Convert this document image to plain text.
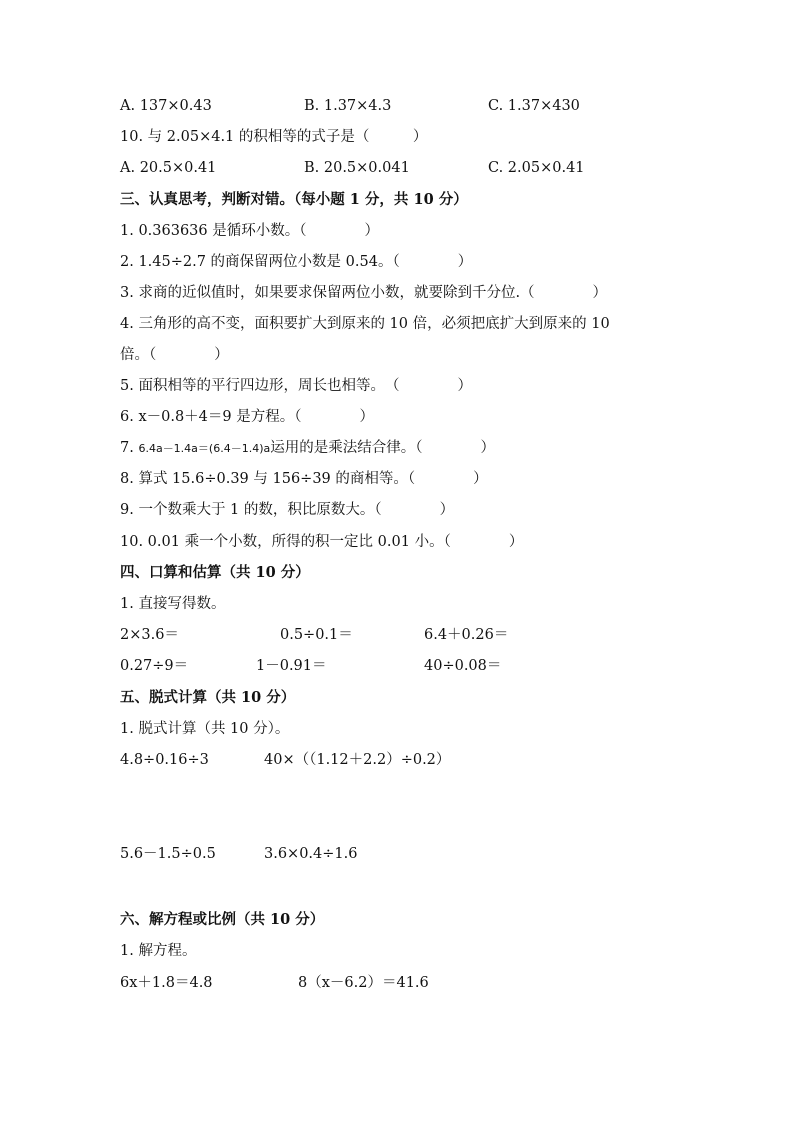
A. 137×0.43	B. 1.37×4.3	C. 1.37×430
10. 与 2.05×4.1 的积相等的式子是（　　　）
A. 20.5×0.41	B. 20.5×0.041	C. 2.05×0.41
三、认真思考，判断对错。（每小题 1 分，共 10 分）
1. 0.363636 是循环小数。（　　　　）
2. 1.45÷2.7 的商保留两位小数是 0.54。（　　　　）
3. 求商的近似值时，如果要求保留两位小数，就要除到千分位.（　　　　）
4. 三角形的高不变，面积要扩大到原来的 10 倍，必须把底扩大到原来的 10
倍。（　　　　）
5. 面积相等的平行四边形，周长也相等。　（　　　　）
6. x－0.8＋4＝9 是方程。（　　　　）
7. 6.4a－1.4a＝(6.4－1.4)a运用的是乘法结合律。（　　　　）
8. 算式 15.6÷0.39 与 156÷39 的商相等。（　　　　）
9. 一个数乘大于 1 的数，积比原数大。（　　　　）
10. 0.01 乘一个小数，所得的积一定比 0.01 小。（　　　　）
四、口算和估算（共 10 分）
1. 直接写得数。
2×3.6＝	0.5÷0.1＝	6.4＋0.26＝
0.27÷9＝	1－0.91＝	40÷0.08＝
五、脱式计算（共 10 分）
1. 脱式计算（共 10 分）。
4.8÷0.16÷3	40×（（1.12＋2.2）÷0.2）
5.6－1.5÷0.5	3.6×0.4÷1.6
六、解方程或比例（共 10 分）
1. 解方程。
6x＋1.8＝4.8	8（x－6.2）＝41.6
